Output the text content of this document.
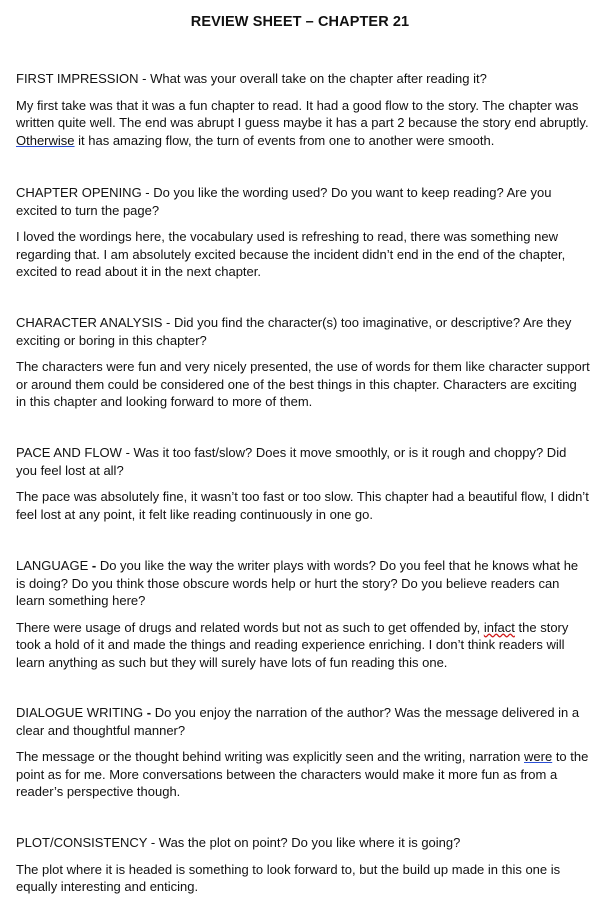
REVIEW SHEET – CHAPTER 21

FIRST IMPRESSION - What was your overall take on the chapter after reading it?

My first take was that it was a fun chapter to read. It had a good flow to the story. The chapter was written quite well. The end was abrupt I guess maybe it has a part 2 because the story end abruptly. Otherwise it has amazing flow, the turn of events from one to another were smooth.

CHAPTER OPENING - Do you like the wording used? Do you want to keep reading? Are you excited to turn the page?

I loved the wordings here, the vocabulary used is refreshing to read, there was something new regarding that. I am absolutely excited because the incident didn’t end in the end of the chapter, excited to read about it in the next chapter.

CHARACTER ANALYSIS - Did you find the character(s) too imaginative, or descriptive? Are they exciting or boring in this chapter?

The characters were fun and very nicely presented, the use of words for them like character support or around them could be considered one of the best things in this chapter. Characters are exciting in this chapter and looking forward to more of them.

PACE AND FLOW - Was it too fast/slow? Does it move smoothly, or is it rough and choppy? Did you feel lost at all?

The pace was absolutely fine, it wasn’t too fast or too slow. This chapter had a beautiful flow, I didn’t feel lost at any point, it felt like reading continuously in one go.

LANGUAGE - Do you like the way the writer plays with words? Do you feel that he knows what he is doing? Do you think those obscure words help or hurt the story? Do you believe readers can learn something here?

There were usage of drugs and related words but not as such to get offended by, infact the story took a hold of it and made the things and reading experience enriching. I don’t think readers will learn anything as such but they will surely have lots of fun reading this one.

DIALOGUE WRITING - Do you enjoy the narration of the author? Was the message delivered in a clear and thoughtful manner?

The message or the thought behind writing was explicitly seen and the writing, narration were to the point as for me. More conversations between the characters would make it more fun as from a reader’s perspective though.

PLOT/CONSISTENCY - Was the plot on point? Do you like where it is going?

The plot where it is headed is something to look forward to, but the build up made in this one is equally interesting and enticing.
